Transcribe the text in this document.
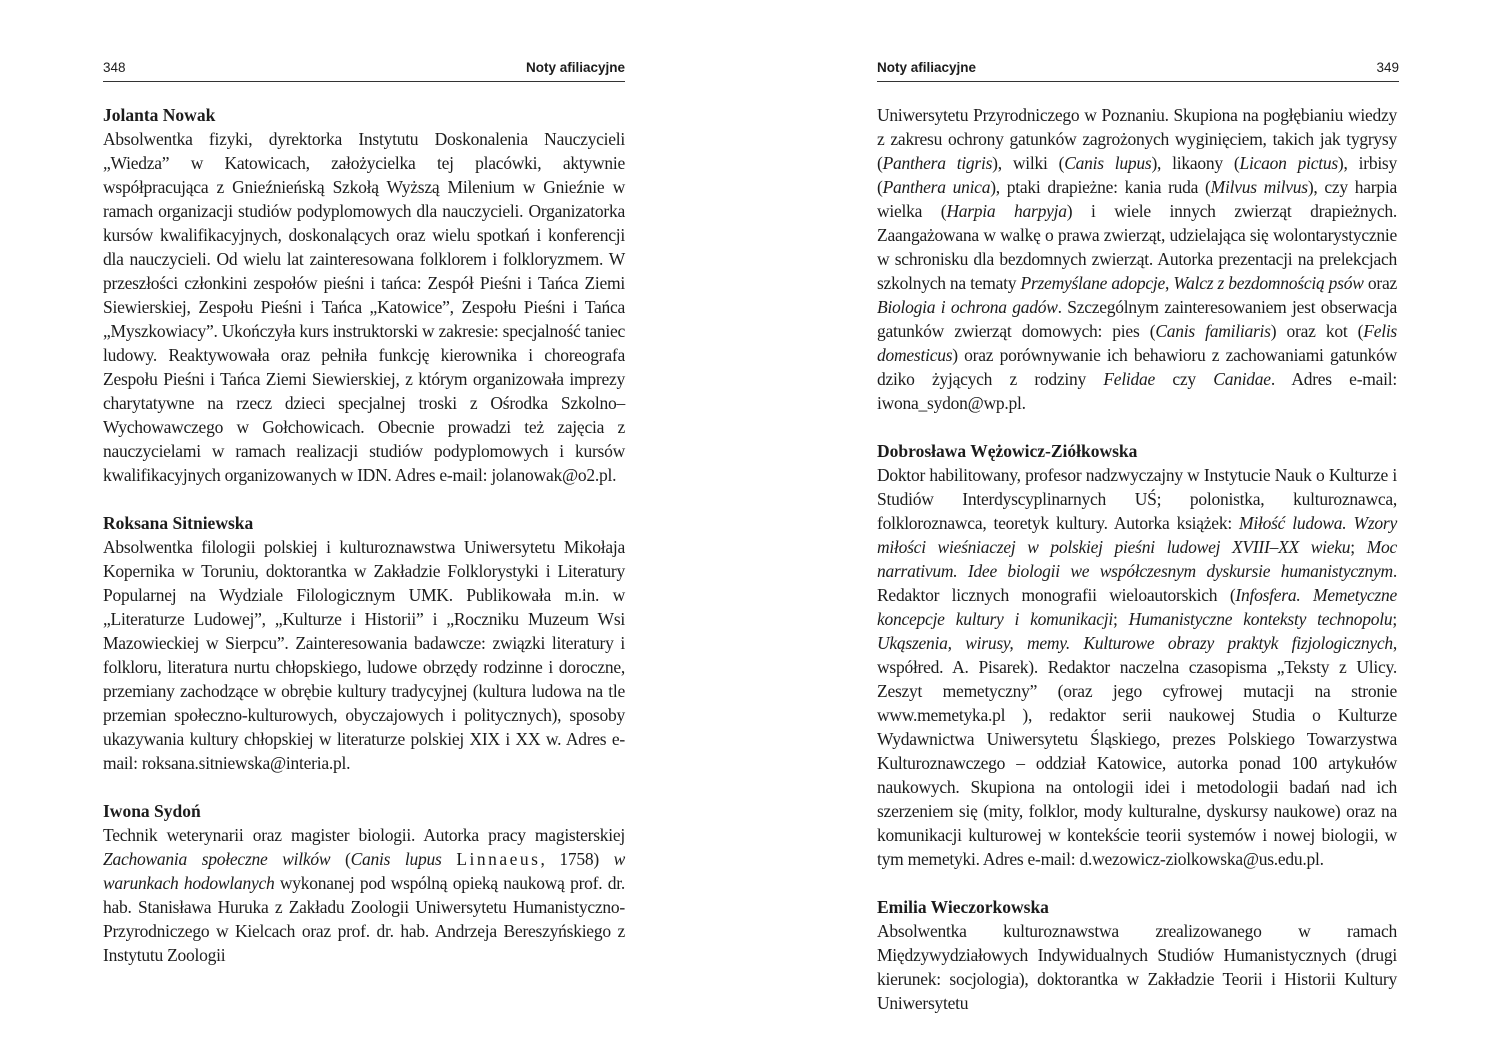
348	Noty afiliacyjne

Jolanta Nowak

Absolwentka fizyki, dyrektorka Instytutu Doskonalenia Nauczycieli „Wiedza” w Katowicach, założycielka tej placówki, aktywnie współpracująca z Gnieźnieńską Szkołą Wyższą Milenium w Gnieźnie w ramach organizacji studiów podyplomowych dla nauczycieli. Organizatorka kursów kwalifikacyjnych, doskonalących oraz wielu spotkań i konferencji dla nauczycieli. Od wielu lat zainteresowana folklorem i folkloryzmem. W przeszłości członkini zespołów pieśni i tańca: Zespół Pieśni i Tańca Ziemi Siewierskiej, Zespołu Pieśni i Tańca „Katowice”, Zespołu Pieśni i Tańca „Myszkowiacy”. Ukończyła kurs instruktorski w zakresie: specjalność taniec ludowy. Reaktywowała oraz pełniła funkcję kierownika i choreografa Zespołu Pieśni i Tańca Ziemi Siewierskiej, z którym organizowała imprezy charytatywne na rzecz dzieci specjalnej troski z Ośrodka Szkolno–Wychowawczego w Gołchowicach. Obecnie prowadzi też zajęcia z nauczycielami w ramach realizacji studiów podyplomowych i kursów kwalifikacyjnych organizowanych w IDN. Adres e-mail: jolanowak@o2.pl.

Roksana Sitniewska

Absolwentka filologii polskiej i kulturoznawstwa Uniwersytetu Mikołaja Kopernika w Toruniu, doktorantka w Zakładzie Folklorystyki i Literatury Popularnej na Wydziale Filologicznym UMK. Publikowała m.in. w „Literaturze Ludowej”, „Kulturze i Historii” i „Roczniku Muzeum Wsi Mazowieckiej w Sierpcu”. Zainteresowania badawcze: związki literatury i folkloru, literatura nurtu chłopskiego, ludowe obrzędy rodzinne i doroczne, przemiany zachodzące w obrębie kultury tradycyjnej (kultura ludowa na tle przemian społeczno-kulturowych, obyczajowych i politycznych), sposoby ukazywania kultury chłopskiej w literaturze polskiej XIX i XX w. Adres e-mail: roksana.sitniewska@interia.pl.

Iwona Sydoń

Technik weterynarii oraz magister biologii. Autorka pracy magisterskiej Zachowania społeczne wilków (Canis lupus Linnaeus, 1758) w warunkach hodowlanych wykonanej pod wspólną opieką naukową prof. dr. hab. Stanisława Huruka z Zakładu Zoologii Uniwersytetu Humanistyczno-Przyrodniczego w Kielcach oraz prof. dr. hab. Andrzeja Bereszyńskiego z Instytutu Zoologii

Noty afiliacyjne	349

Uniwersytetu Przyrodniczego w Poznaniu. Skupiona na pogłębianiu wiedzy z zakresu ochrony gatunków zagrożonych wyginięciem, takich jak tygrysy (Panthera tigris), wilki (Canis lupus), likaony (Licaon pictus), irbisy (Panthera unica), ptaki drapieżne: kania ruda (Milvus milvus), czy harpia wielka (Harpia harpyja) i wiele innych zwierząt drapieżnych. Zaangażowana w walkę o prawa zwierząt, udzielająca się wolontarystycznie w schronisku dla bezdomnych zwierząt. Autorka prezentacji na prelekcjach szkolnych na tematy Przemyślane adopcje, Walcz z bezdomnością psów oraz Biologia i ochrona gadów. Szczególnym zainteresowaniem jest obserwacja gatunków zwierząt domowych: pies (Canis familiaris) oraz kot (Felis domesticus) oraz porównywanie ich behawioru z zachowaniami gatunków dziko żyjących z rodziny Felidae czy Canidae. Adres e-mail: iwona_sydon@wp.pl.

Dobrosława Wężowicz-Ziółkowska

Doktor habilitowany, profesor nadzwyczajny w Instytucie Nauk o Kulturze i Studiów Interdyscyplinarnych UŚ; polonistka, kulturoznawca, folkloroznawca, teoretyk kultury. Autorka książek: Miłość ludowa. Wzory miłości wieśniaczej w polskiej pieśni ludowej XVIII–XX wieku; Moc narrativum. Idee biologii we współczesnym dyskursie humanistycznym. Redaktor licznych monografii wieloautorskich (Infosfera. Memetyczne koncepcje kultury i komunikacji; Humanistyczne konteksty technopolu; Ukąszenia, wirusy, memy. Kulturowe obrazy praktyk fizjologicznych, współred. A. Pisarek). Redaktor naczelna czasopisma „Teksty z Ulicy. Zeszyt memetyczny” (oraz jego cyfrowej mutacji na stronie www.memetyka.pl ), redaktor serii naukowej Studia o Kulturze Wydawnictwa Uniwersytetu Śląskiego, prezes Polskiego Towarzystwa Kulturoznawczego – oddział Katowice, autorka ponad 100 artykułów naukowych. Skupiona na ontologii idei i metodologii badań nad ich szerzeniem się (mity, folklor, mody kulturalne, dyskursy naukowe) oraz na komunikacji kulturowej w kontekście teorii systemów i nowej biologii, w tym memetyki. Adres e-mail: d.wezowicz-ziolkowska@us.edu.pl.

Emilia Wieczorkowska

Absolwentka kulturoznawstwa zrealizowanego w ramach Międzywydziałowych Indywidualnych Studiów Humanistycznych (drugi kierunek: socjologia), doktorantka w Zakładzie Teorii i Historii Kultury Uniwersytetu
